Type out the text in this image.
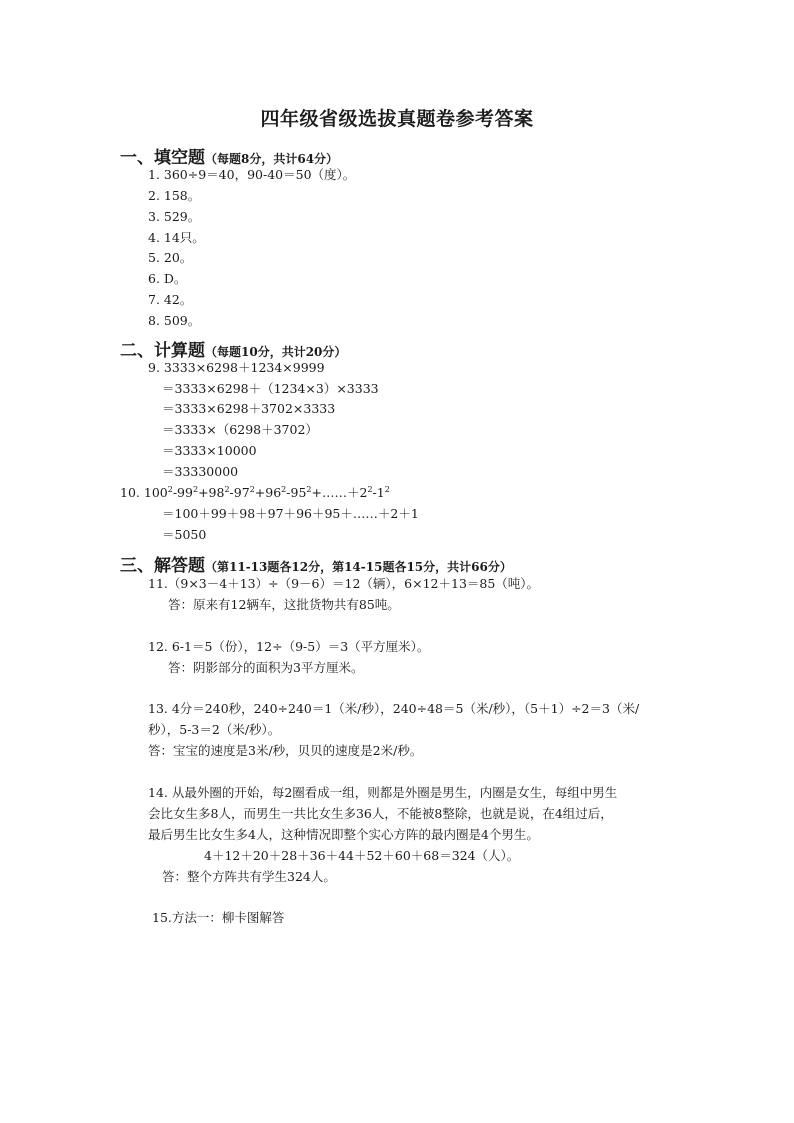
四年级省级选拔真题卷参考答案
一、填空题（每题8分，共计64分）
1. 360÷9＝40，90-40＝50（度）。
2. 158。
3. 529。
4. 14只。
5. 20。
6. D。
7. 42。
8. 509。
二、计算题（每题10分，共计20分）
9. 3333×6298＋1234×9999
＝3333×6298＋（1234×3）×3333
＝3333×6298＋3702×3333
＝3333×（6298＋3702）
＝3333×10000
＝33330000
10. $100^2-99^2+98^2-97^2+96^2-95^2+\dots\dots+2^2-1^2$
＝100＋99＋98＋97＋96＋95＋……＋2＋1
＝5050
三、解答题（第11-13题各12分，第14-15题各15分，共计66分）
11.（9×3－4＋13）÷（9－6）＝12（辆），6×12＋13＝85（吨）。
答：原来有12辆车，这批货物共有85吨。
12. 6-1＝5（份），12÷（9-5）＝3（平方厘米）。
答：阴影部分的面积为3平方厘米。
13. 4分＝240秒，240÷240＝1（米/秒），240÷48＝5（米/秒），（5＋1）÷2＝3（米/
秒），5-3＝2（米/秒）。
答：宝宝的速度是3米/秒，贝贝的速度是2米/秒。
14. 从最外圈的开始，每2圈看成一组，则都是外圈是男生，内圈是女生，每组中男生
会比女生多8人，而男生一共比女生多36人，不能被8整除，也就是说，在4组过后，
最后男生比女生多4人，这种情况即整个实心方阵的最内圈是4个男生。
4＋12＋20＋28＋36＋44＋52＋60＋68＝324（人）。
答：整个方阵共有学生324人。
15.方法一：柳卡图解答
